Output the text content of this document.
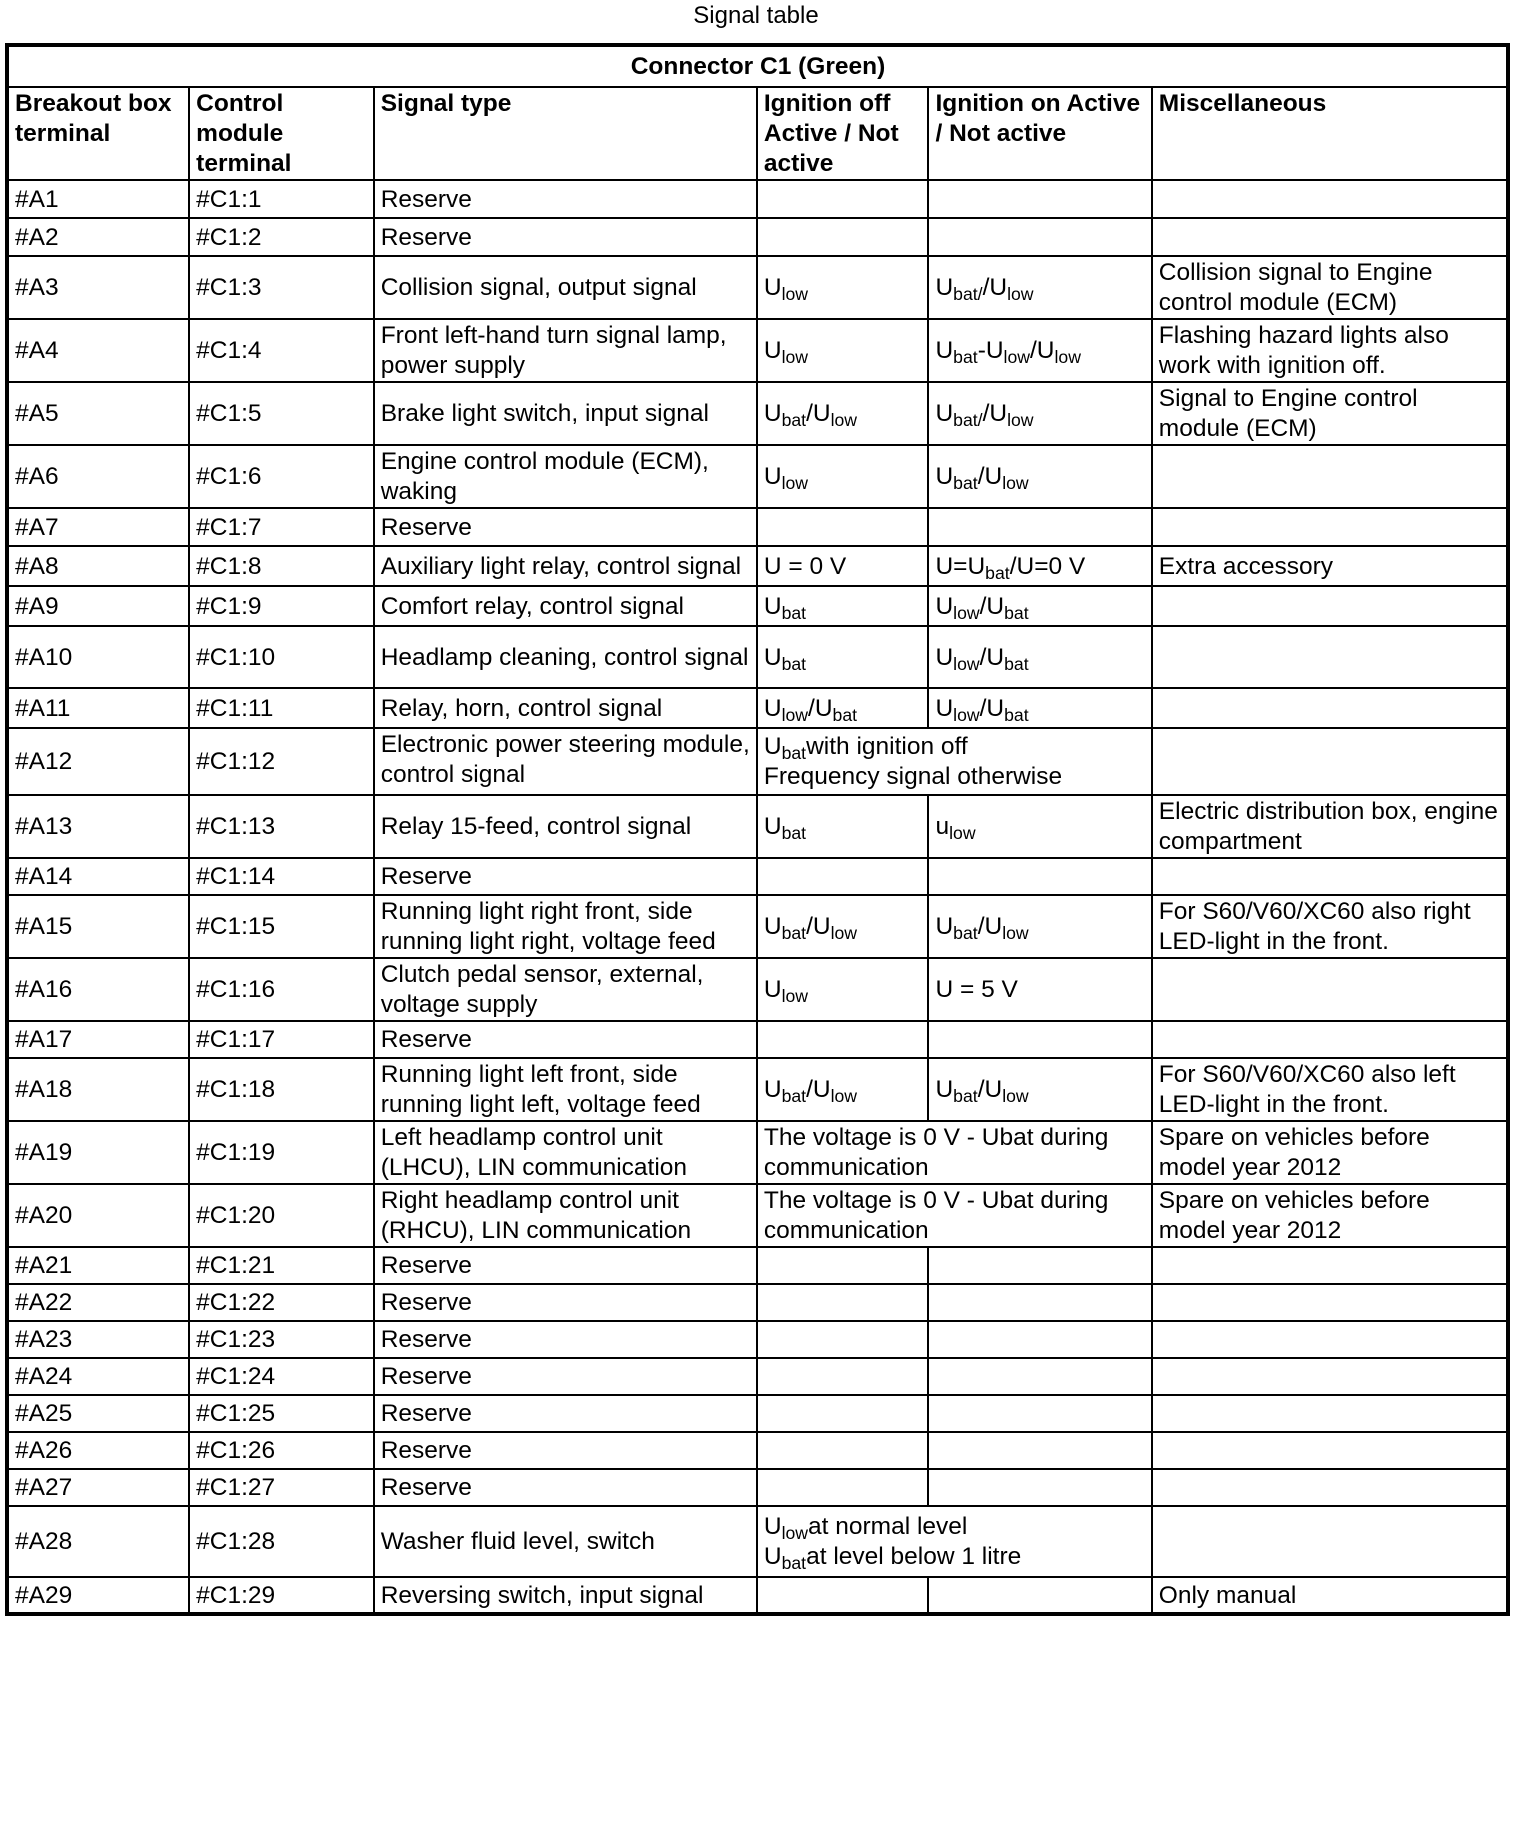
Signal table
Connector C1 (Green)					
Breakout box terminal	Control module terminal	Signal type	Ignition off Active / Not active	Ignition on Active / Not active	Miscellaneous
#A1	#C1:1	Reserve			
#A2	#C1:2	Reserve			
#A3	#C1:3	Collision signal, output signal	$U_{low}$	$U_{bat/}/U_{low}$	Collision signal to Engine control module (ECM)
#A4	#C1:4	Front left-hand turn signal lamp, power supply	$U_{low}$	$U_{bat}-U_{low}/U_{low}$	Flashing hazard lights also work with ignition off.
#A5	#C1:5	Brake light switch, input signal	$U_{bat}/U_{low}$	$U_{bat/}/U_{low}$	Signal to Engine control module (ECM)
#A6	#C1:6	Engine control module (ECM), waking	$U_{low}$	$U_{bat}/U_{low}$	
#A7	#C1:7	Reserve			
#A8	#C1:8	Auxiliary light relay, control signal	U = 0 V	$U=U_{bat}/U=0$ V	Extra accessory
#A9	#C1:9	Comfort relay, control signal	$U_{bat}$	$U_{low}/U_{bat}$	
#A10	#C1:10	Headlamp cleaning, control signal	$U_{bat}$	$U_{low}/U_{bat}$	
#A11	#C1:11	Relay, horn, control signal	$U_{low}/U_{bat}$	$U_{low}/U_{bat}$	
#A12	#C1:12	Electronic power steering module, control signal	$U_{bat}with$ ignition off
Frequency signal otherwise		

#A13	#C1:13	Relay 15-feed, control signal	$U_{bat}$	$u_{low}$	Electric distribution box, engine compartment
#A14	#C1:14	Reserve			
#A15	#C1:15	Running light right front, side running light right, voltage feed	$U_{bat}/U_{low}$	$U_{bat}/U_{low}$	For S60/V60/XC60 also right LED-light in the front.
#A16	#C1:16	Clutch pedal sensor, external, voltage supply	$U_{low}$	U = 5 V	
#A17	#C1:17	Reserve			
#A18	#C1:18	Running light left front, side running light left, voltage feed	$U_{bat}/U_{low}$	$U_{bat}/U_{low}$	For S60/V60/XC60 also left LED-light in the front.
#A19	#C1:19	Left headlamp control unit (LHCU), LIN communication	The voltage is 0 V - Ubat during communication		Spare on vehicles before model year 2012
#A20	#C1:20	Right headlamp control unit (RHCU), LIN communication	The voltage is 0 V - Ubat during communication		Spare on vehicles before model year 2012
#A21	#C1:21	Reserve			
#A22	#C1:22	Reserve			
#A23	#C1:23	Reserve			
#A24	#C1:24	Reserve			
#A25	#C1:25	Reserve			
#A26	#C1:26	Reserve			
#A27	#C1:27	Reserve			
#A28	#C1:28	Washer fluid level, switch	$U_{low}at$ normal level
$U_{bat}at$ level below 1 litre		

#A29	#C1:29	Reversing switch, input signal			Only manual
